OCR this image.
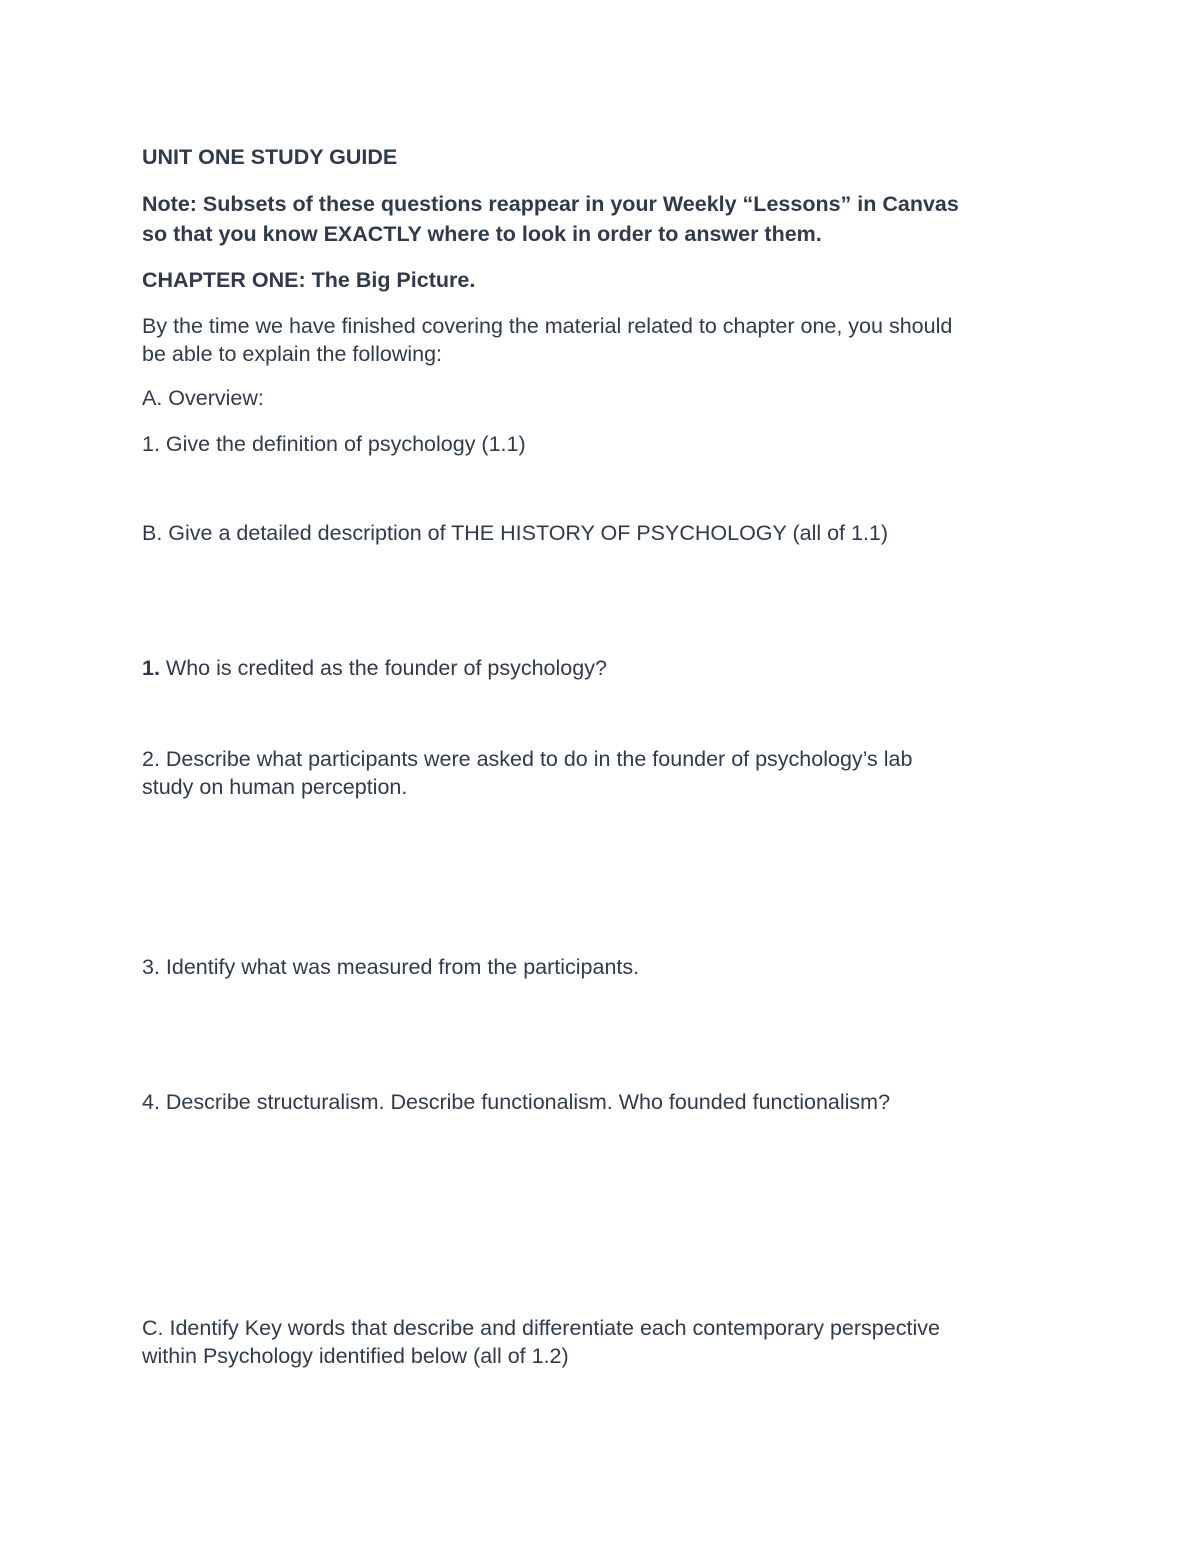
UNIT ONE STUDY GUIDE

Note: Subsets of these questions reappear in your Weekly “Lessons” in Canvas

so that you know EXACTLY where to look in order to answer them.

CHAPTER ONE: The Big Picture.

By the time we have finished covering the material related to chapter one, you should

be able to explain the following:

A. Overview:

1. Give the definition of psychology (1.1)

B. Give a detailed description of THE HISTORY OF PSYCHOLOGY (all of 1.1)

1. Who is credited as the founder of psychology?

2. Describe what participants were asked to do in the founder of psychology’s lab

study on human perception.

3. Identify what was measured from the participants.

4. Describe structuralism. Describe functionalism. Who founded functionalism?

C. Identify Key words that describe and differentiate each contemporary perspective

within Psychology identified below (all of 1.2)
